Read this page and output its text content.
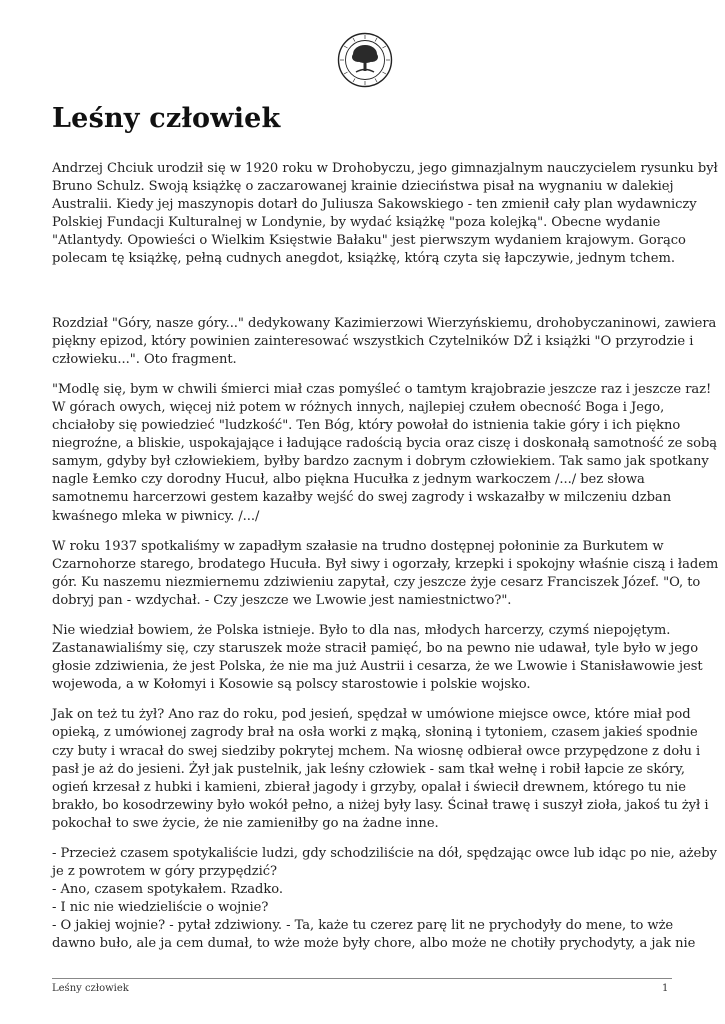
Leśny człowiek

Andrzej Chciuk urodził się w 1920 roku w Drohobyczu, jego gimnazjalnym nauczycielem rysunku był
Bruno Schulz. Swoją książkę o zaczarowanej krainie dzieciństwa pisał na wygnaniu w dalekiej
Australii. Kiedy jej maszynopis dotarł do Juliusza Sakowskiego - ten zmienił cały plan wydawniczy
Polskiej Fundacji Kulturalnej w Londynie, by wydać książkę "poza kolejką". Obecne wydanie
"Atlantydy. Opowieści o Wielkim Księstwie Bałaku" jest pierwszym wydaniem krajowym. Gorąco
polecam tę książkę, pełną cudnych anegdot, książkę, którą czyta się łapczywie, jednym tchem.

Rozdział "Góry, nasze góry..." dedykowany Kazimierzowi Wierzyńskiemu, drohobyczaninowi, zawiera
piękny epizod, który powinien zainteresować wszystkich Czytelników DŻ i książki "O przyrodzie i
człowieku...". Oto fragment.

"Modlę się, bym w chwili śmierci miał czas pomyśleć o tamtym krajobrazie jeszcze raz i jeszcze raz!
W górach owych, więcej niż potem w różnych innych, najlepiej czułem obecność Boga i Jego,
chciałoby się powiedzieć "ludzkość". Ten Bóg, który powołał do istnienia takie góry i ich piękno
niegroźne, a bliskie, uspokajające i ładujące radością bycia oraz ciszę i doskonałą samotność ze sobą
samym, gdyby był człowiekiem, byłby bardzo zacnym i dobrym człowiekiem. Tak samo jak spotkany
nagle Łemko czy dorodny Hucuł, albo piękna Hucułka z jednym warkoczem /.../ bez słowa
samotnemu harcerzowi gestem kazałby wejść do swej zagrody i wskazałby w milczeniu dzban
kwaśnego mleka w piwnicy. /.../

W roku 1937 spotkaliśmy w zapadłym szałasie na trudno dostępnej połoninie za Burkutem w
Czarnohorze starego, brodatego Hucuła. Był siwy i ogorzały, krzepki i spokojny właśnie ciszą i ładem
gór. Ku naszemu niezmiernemu zdziwieniu zapytał, czy jeszcze żyje cesarz Franciszek Józef. "O, to
dobryj pan - wzdychał. - Czy jeszcze we Lwowie jest namiestnictwo?".

Nie wiedział bowiem, że Polska istnieje. Było to dla nas, młodych harcerzy, czymś niepojętym.
Zastanawialiśmy się, czy staruszek może stracił pamięć, bo na pewno nie udawał, tyle było w jego
głosie zdziwienia, że jest Polska, że nie ma już Austrii i cesarza, że we Lwowie i Stanisławowie jest
wojewoda, a w Kołomyi i Kosowie są polscy starostowie i polskie wojsko.

Jak on też tu żył? Ano raz do roku, pod jesień, spędzał w umówione miejsce owce, które miał pod
opieką, z umówionej zagrody brał na osła worki z mąką, słoniną i tytoniem, czasem jakieś spodnie
czy buty i wracał do swej siedziby pokrytej mchem. Na wiosnę odbierał owce przypędzone z dołu i
pasł je aż do jesieni. Żył jak pustelnik, jak leśny człowiek - sam tkał wełnę i robił łapcie ze skóry,
ogień krzesał z hubki i kamieni, zbierał jagody i grzyby, opalał i świecił drewnem, którego tu nie
brakło, bo kosodrzewiny było wokół pełno, a niżej były lasy. Ścinał trawę i suszył zioła, jakoś tu żył i
pokochał to swe życie, że nie zamieniłby go na żadne inne.

- Przecież czasem spotykaliście ludzi, gdy schodziliście na dół, spędzając owce lub idąc po nie, ażeby
je z powrotem w góry przypędzić?
- Ano, czasem spotykałem. Rzadko.
- I nic nie wiedzieliście o wojnie?
- O jakiej wojnie? - pytał zdziwiony. - Ta, każe tu czerez parę lit ne prychodyły do mene, to wże
dawno buło, ale ja cem dumał, to wże może były chore, albo może ne chotiły prychodyty, a jak nie

Leśny człowiek	1
